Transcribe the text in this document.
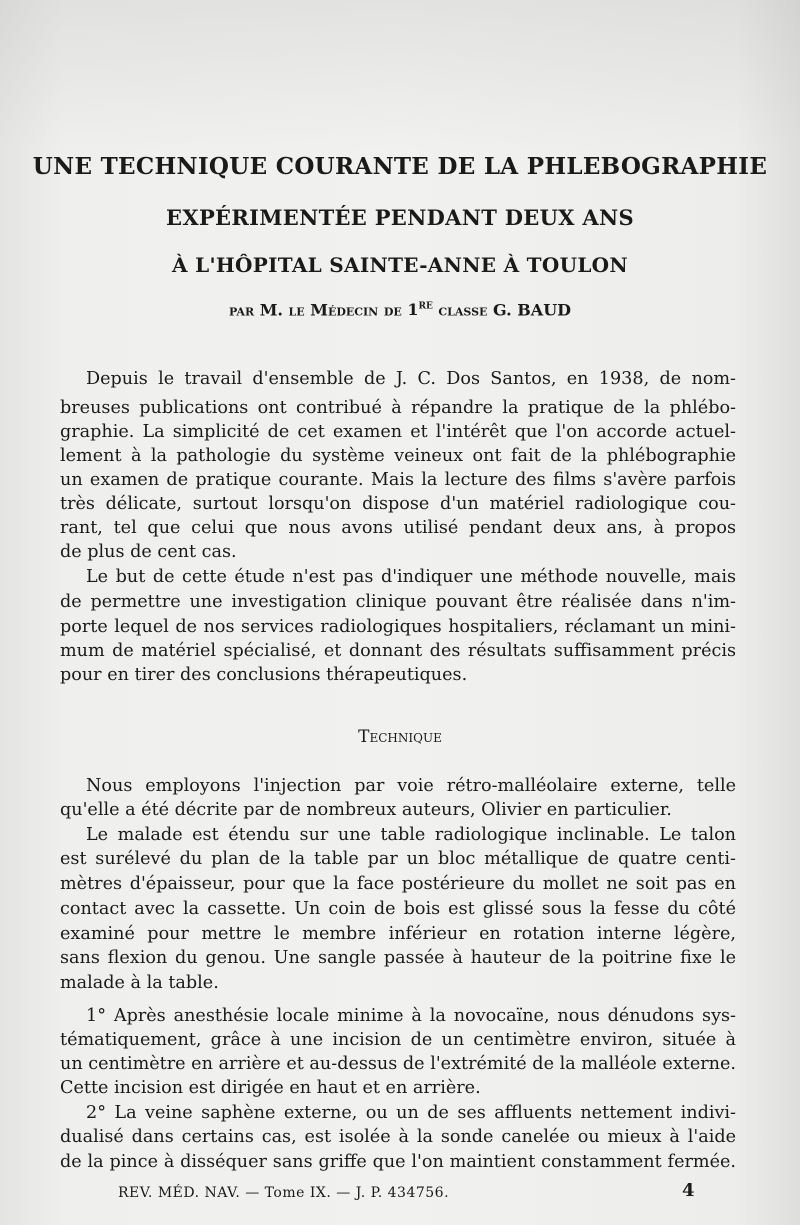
UNE TECHNIQUE COURANTE DE LA PHLEBOGRAPHIE
EXPÉRIMENTÉE PENDANT DEUX ANS
À L'HÔPITAL SAINTE-ANNE À TOULON
par M. le Médecin de 1re classe G. BAUD
Depuis le travail d'ensemble de J. C. Dos Santos, en 1938, de nom-
breuses publications ont contribué à répandre la pratique de la phlébo-
graphie. La simplicité de cet examen et l'intérêt que l'on accorde actuel-
lement à la pathologie du système veineux ont fait de la phlébographie
un examen de pratique courante. Mais la lecture des films s'avère parfois
très délicate, surtout lorsqu'on dispose d'un matériel radiologique cou-
rant, tel que celui que nous avons utilisé pendant deux ans, à propos
de plus de cent cas.
Le but de cette étude n'est pas d'indiquer une méthode nouvelle, mais
de permettre une investigation clinique pouvant être réalisée dans n'im-
porte lequel de nos services radiologiques hospitaliers, réclamant un mini-
mum de matériel spécialisé, et donnant des résultats suffisamment précis
pour en tirer des conclusions thérapeutiques.
Technique
Nous employons l'injection par voie rétro-malléolaire externe, telle
qu'elle a été décrite par de nombreux auteurs, Olivier en particulier.
Le malade est étendu sur une table radiologique inclinable. Le talon
est surélevé du plan de la table par un bloc métallique de quatre centi-
mètres d'épaisseur, pour que la face postérieure du mollet ne soit pas en
contact avec la cassette. Un coin de bois est glissé sous la fesse du côté
examiné pour mettre le membre inférieur en rotation interne légère,
sans flexion du genou. Une sangle passée à hauteur de la poitrine fixe le
malade à la table.
1° Après anesthésie locale minime à la novocaïne, nous dénudons sys-
tématiquement, grâce à une incision de un centimètre environ, située à
un centimètre en arrière et au-dessus de l'extrémité de la malléole externe.
Cette incision est dirigée en haut et en arrière.
2° La veine saphène externe, ou un de ses affluents nettement indivi-
dualisé dans certains cas, est isolée à la sonde canelée ou mieux à l'aide
de la pince à disséquer sans griffe que l'on maintient constamment fermée.
REV. MÉD. NAV. — Tome IX. — J. P. 434756.	4
